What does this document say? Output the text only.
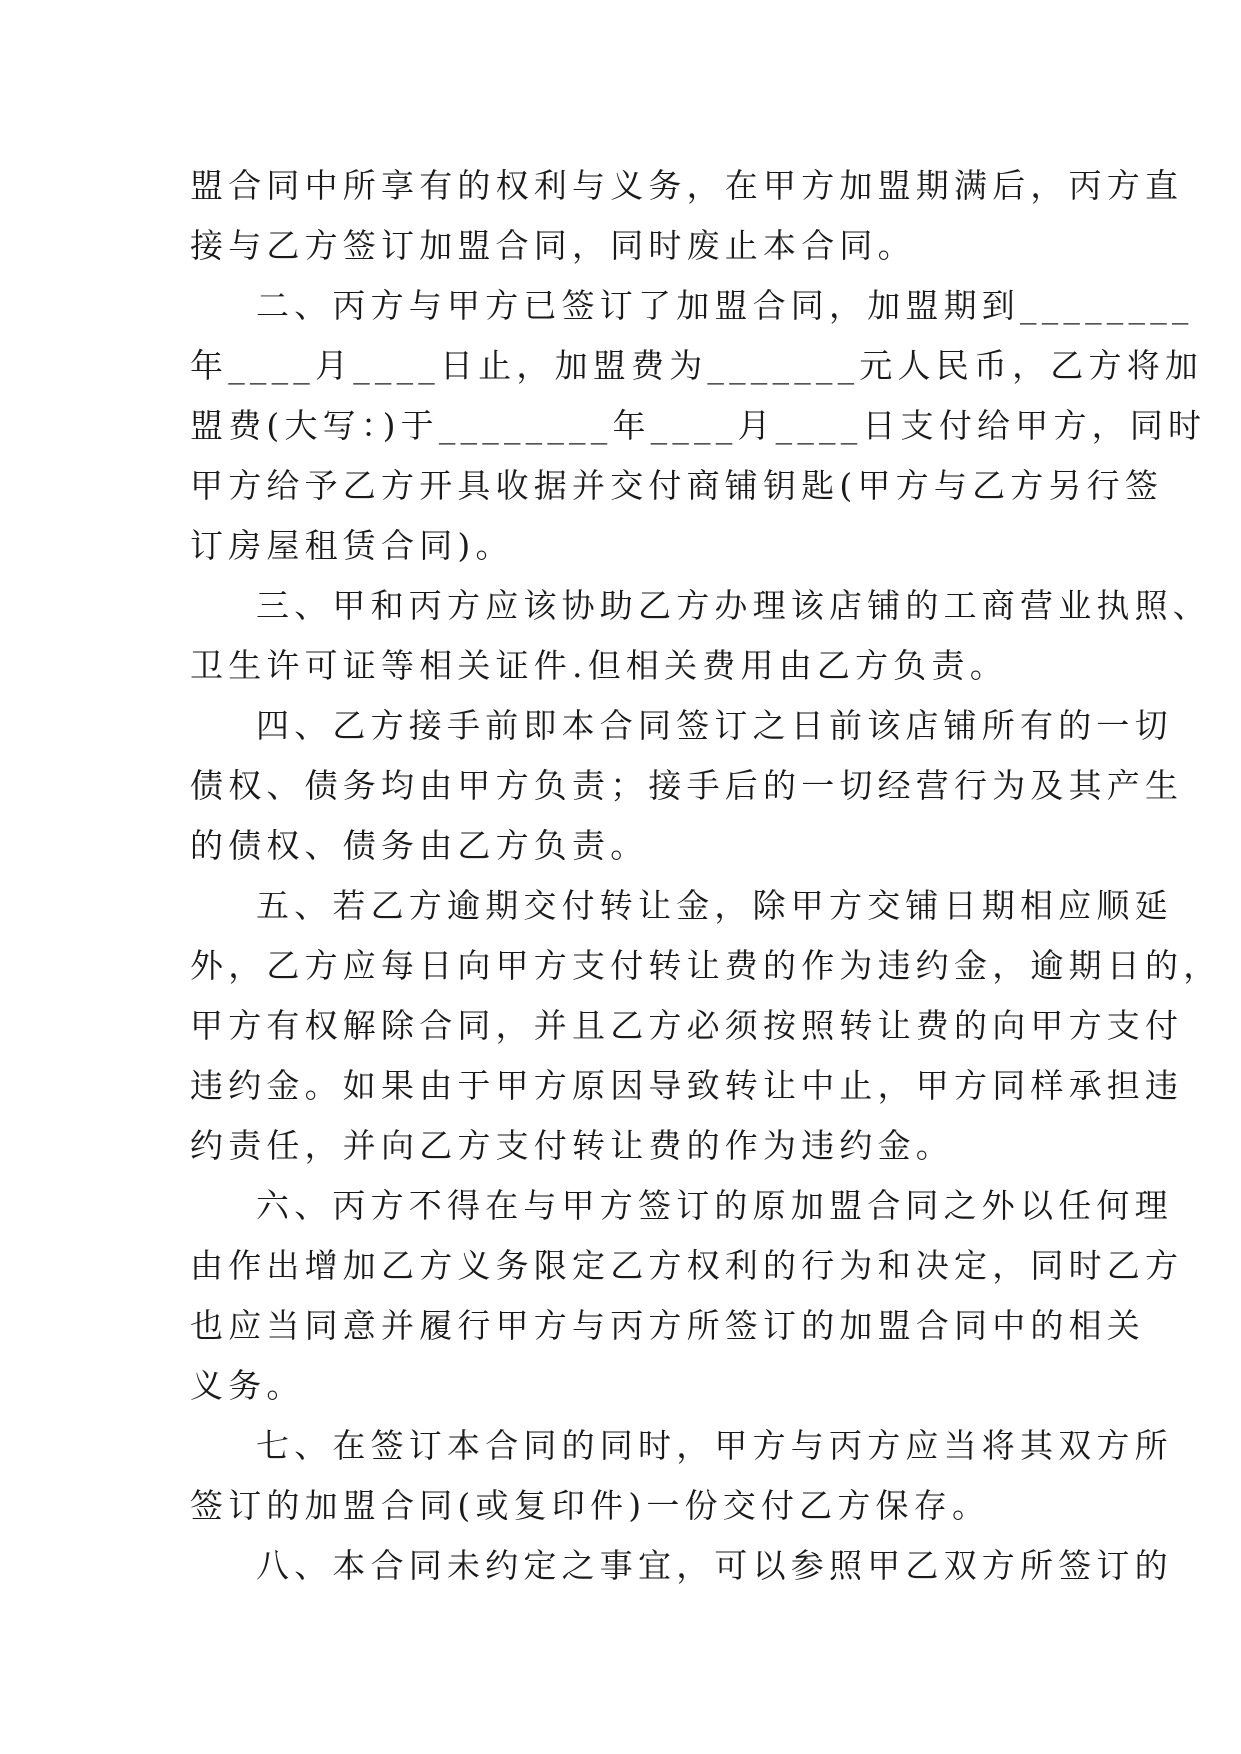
盟合同中所享有的权利与义务，在甲方加盟期满后，丙方直
接与乙方签订加盟合同，同时废止本合同。
二、丙方与甲方已签订了加盟合同，加盟期到________
年____月____日止，加盟费为_______元人民币，乙方将加
盟费(大写：)于________年____月____日支付给甲方，同时
甲方给予乙方开具收据并交付商铺钥匙(甲方与乙方另行签
订房屋租赁合同)。
三、甲和丙方应该协助乙方办理该店铺的工商营业执照、
卫生许可证等相关证件.但相关费用由乙方负责。
四、乙方接手前即本合同签订之日前该店铺所有的一切
债权、债务均由甲方负责；接手后的一切经营行为及其产生
的债权、债务由乙方负责。
五、若乙方逾期交付转让金，除甲方交铺日期相应顺延
外，乙方应每日向甲方支付转让费的作为违约金，逾期日的，
甲方有权解除合同，并且乙方必须按照转让费的向甲方支付
违约金。如果由于甲方原因导致转让中止，甲方同样承担违
约责任，并向乙方支付转让费的作为违约金。
六、丙方不得在与甲方签订的原加盟合同之外以任何理
由作出增加乙方义务限定乙方权利的行为和决定，同时乙方
也应当同意并履行甲方与丙方所签订的加盟合同中的相关
义务。
七、在签订本合同的同时，甲方与丙方应当将其双方所
签订的加盟合同(或复印件)一份交付乙方保存。
八、本合同未约定之事宜，可以参照甲乙双方所签订的
